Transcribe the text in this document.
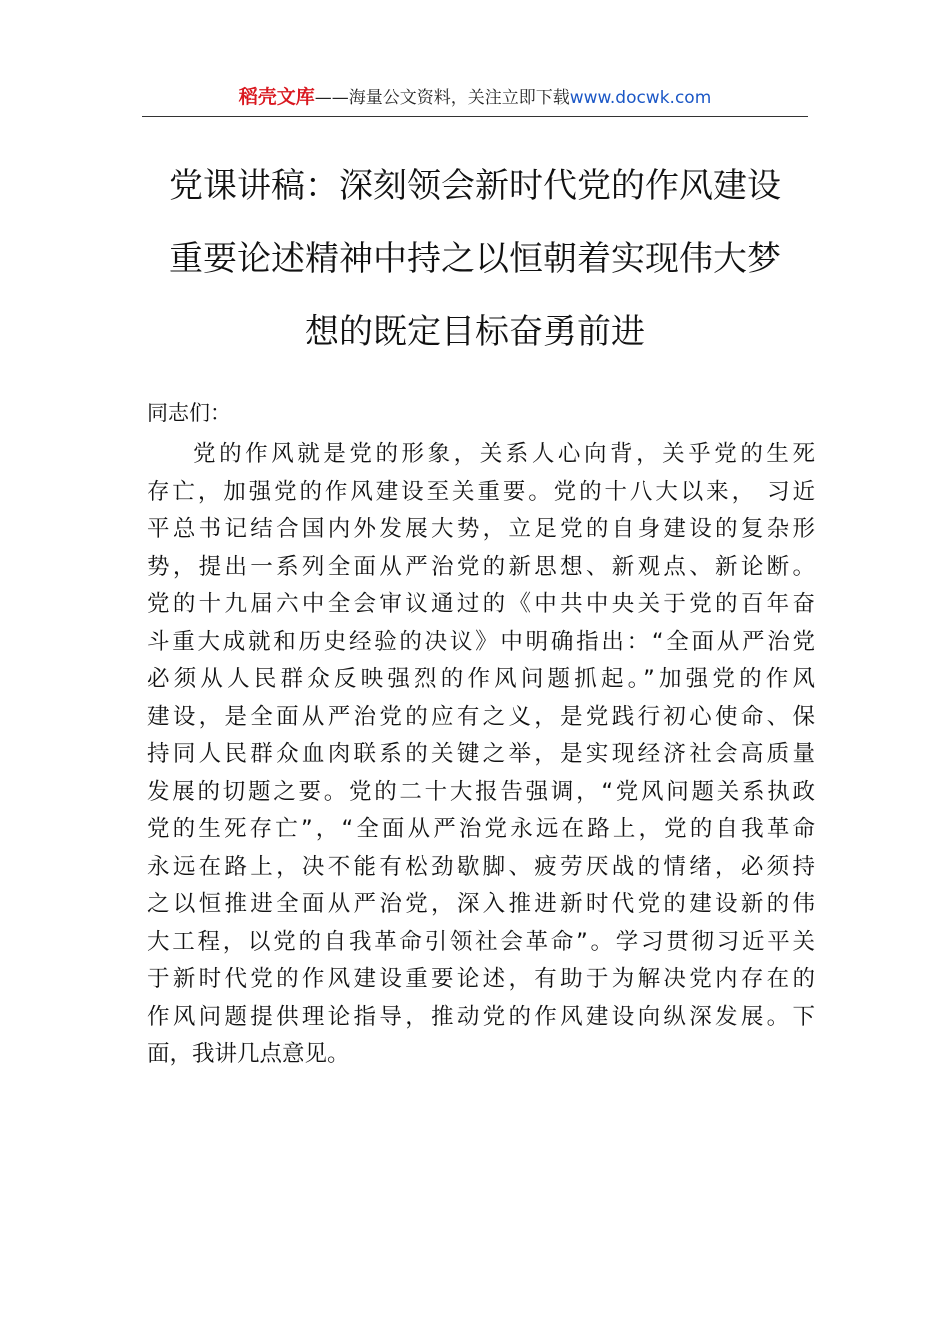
稻壳文库——海量公文资料，关注立即下载www.docwk.com
党课讲稿：深刻领会新时代党的作风建设
重要论述精神中持之以恒朝着实现伟大梦
想的既定目标奋勇前进
同志们：
党的作风就是党的形象，关系人心向背，关乎党的生死
存亡，加强党的作风建设至关重要。党的十八大以来， 习近
平总书记结合国内外发展大势，立足党的自身建设的复杂形
势，提出一系列全面从严治党的新思想、新观点、新论断。
党的十九届六中全会审议通过的《中共中央关于党的百年奋
斗重大成就和历史经验的决议》中明确指出：“全面从严治党
必须从人民群众反映强烈的作风问题抓起。”加强党的作风
建设，是全面从严治党的应有之义，是党践行初心使命、保
持同人民群众血肉联系的关键之举，是实现经济社会高质量
发展的切题之要。党的二十大报告强调，“党风问题关系执政
党的生死存亡”，“全面从严治党永远在路上，党的自我革命
永远在路上，决不能有松劲歇脚、疲劳厌战的情绪，必须持
之以恒推进全面从严治党，深入推进新时代党的建设新的伟
大工程，以党的自我革命引领社会革命”。学习贯彻习近平关
于新时代党的作风建设重要论述，有助于为解决党内存在的
作风问题提供理论指导，推动党的作风建设向纵深发展。下
面，我讲几点意见。
